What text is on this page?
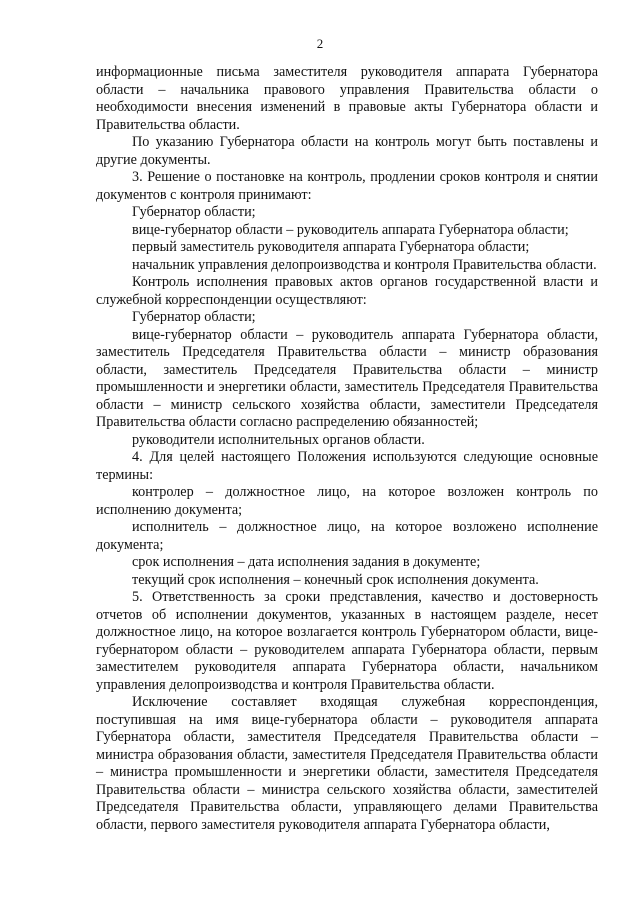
2

информационные письма заместителя руководителя аппарата Губернатора области – начальника правового управления Правительства области о необходимости внесения изменений в правовые акты Губернатора области и Правительства области.

По указанию Губернатора области на контроль могут быть поставлены и другие документы.

3. Решение о постановке на контроль, продлении сроков контроля и снятии документов с контроля принимают:

Губернатор области;

вице-губернатор области – руководитель аппарата Губернатора области;

первый заместитель руководителя аппарата Губернатора области;

начальник управления делопроизводства и контроля Правительства области.

Контроль исполнения правовых актов органов государственной власти и служебной корреспонденции осуществляют:

Губернатор области;

вице-губернатор области – руководитель аппарата Губернатора области, заместитель Председателя Правительства области – министр образования области, заместитель Председателя Правительства области – министр промышленности и энергетики области, заместитель Председателя Правительства области – министр сельского хозяйства области, заместители Председателя Правительства области согласно распределению обязанностей;

руководители исполнительных органов области.

4. Для целей настоящего Положения используются следующие основные термины:

контролер – должностное лицо, на которое возложен контроль по исполнению документа;

исполнитель – должностное лицо, на которое возложено исполнение документа;

срок исполнения – дата исполнения задания в документе;

текущий срок исполнения – конечный срок исполнения документа.

5. Ответственность за сроки представления, качество и достоверность отчетов об исполнении документов, указанных в настоящем разделе, несет должностное лицо, на которое возлагается контроль Губернатором области, вице-губернатором области – руководителем аппарата Губернатора области, первым заместителем руководителя аппарата Губернатора области, начальником управления делопроизводства и контроля Правительства области.

Исключение составляет входящая служебная корреспонденция, поступившая на имя вице-губернатора области – руководителя аппарата Губернатора области, заместителя Председателя Правительства области – министра образования области, заместителя Председателя Правительства области – министра промышленности и энергетики области, заместителя Председателя Правительства области – министра сельского хозяйства области, заместителей Председателя Правительства области, управляющего делами Правительства области, первого заместителя руководителя аппарата Губернатора области,
